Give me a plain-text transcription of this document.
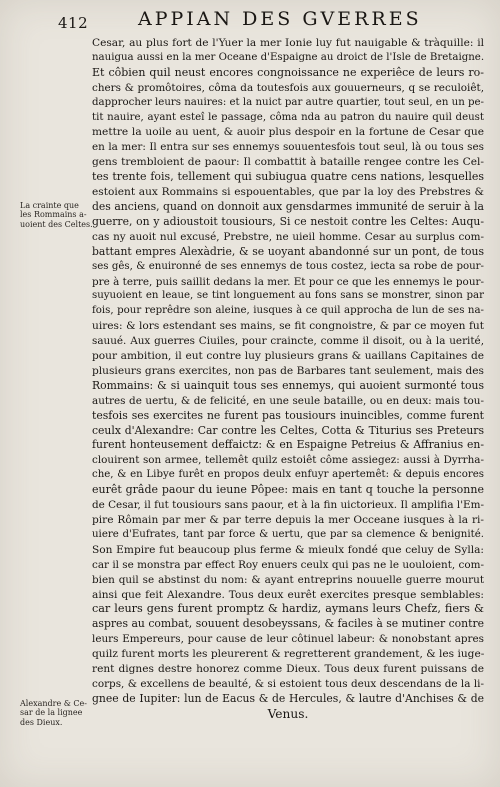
412	APPIAN DES GVERRES
La crainte que
les Rommains a-
uoient des Celtes.
Alexandre & Ce-
sar de la lignee
des Dieux.
Cesar, au plus fort de l'Yuer la mer Ionie luy fut nauigable & tràquille: il
nauigua aussi en la mer Oceane d'Espaigne au droict de l'Isle de Bretaigne.
Et côbien quil neust encores congnoissance ne experiêce de leurs ro-
chers & promôtoires, côma da toutesfois aux gouuerneurs, q se reculoiêt,
dapprocher leurs nauires: et la nuict par autre quartier, tout seul, en un pe-
tit nauire, ayant esteî le passage, côma nda au patron du nauire quil deust
mettre la uoile au uent, & auoir plus despoir en la fortune de Cesar que
en la mer: Il entra sur ses ennemys souuentesfois tout seul, là ou tous ses
gens trembloient de paour: Il combattit à bataille rengee contre les Cel-
tes trente fois, tellement qui subiugua quatre cens nations, lesquelles
estoient aux Rommains si espouentables, que par la loy des Prebstres &
des anciens, quand on donnoit aux gensdarmes immunité de seruir à la
guerre, on y adioustoit tousiours, Si ce nestoit contre les Celtes: Auqu-
cas ny auoit nul excusé, Prebstre, ne uieil homme. Cesar au surplus com-
battant empres Alexàdrie, & se uoyant abandonné sur un pont, de tous
ses gês, & enuironné de ses ennemys de tous costez, iecta sa robe de pour-
pre à terre, puis saillit dedans la mer. Et pour ce que les ennemys le pour-
suyuoient en leaue, se tint longuement au fons sans se monstrer, sinon par
fois, pour reprêdre son aleine, iusques à ce quil approcha de lun de ses na-
uires: & lors estendant ses mains, se fit congnoistre, & par ce moyen fut
sauué. Aux guerres Ciuiles, pour craincte, comme il disoit, ou à la uerité,
pour ambition, il eut contre luy plusieurs grans & uaillans Capitaines de
plusieurs grans exercites, non pas de Barbares tant seulement, mais des
Rommains: & si uainquit tous ses ennemys, qui auoient surmonté tous
autres de uertu, & de felicité, en une seule bataille, ou en deux: mais tou-
tesfois ses exercites ne furent pas tousiours inuincibles, comme furent
ceulx d'Alexandre: Car contre les Celtes, Cotta & Titurius ses Preteurs
furent honteusement deffaictz: & en Espaigne Petreius & Affranius en-
clouirent son armee, tellemêt quilz estoiêt côme assiegez: aussi à Dyrrha-
che, & en Libye furêt en propos deulx enfuyr apertemêt: & depuis encores
eurêt grâde paour du ieune Pôpee: mais en tant q touche la personne
de Cesar, il fut tousiours sans paour, et à la fin uictorieux. Il amplifia l'Em-
pire Rômain par mer & par terre depuis la mer Occeane iusques à la ri-
uiere d'Eufrates, tant par force & uertu, que par sa clemence & benignité.
Son Empire fut beaucoup plus ferme & mieulx fondé que celuy de Sylla:
car il se monstra par effect Roy enuers ceulx qui pas ne le uouloient, com-
bien quil se abstinst du nom: & ayant entreprins nouuelle guerre mourut
ainsi que feit Alexandre. Tous deux eurêt exercites presque semblables:
car leurs gens furent promptz & hardiz, aymans leurs Chefz, fiers &
aspres au combat, souuent desobeyssans, & faciles à se mutiner contre
leurs Empereurs, pour cause de leur côtinuel labeur: & nonobstant apres
quilz furent morts les pleurerent & regretterent grandement, & les iuge-
rent dignes destre honorez comme Dieux. Tous deux furent puissans de
corps, & excellens de beaulté, & si estoient tous deux descendans de la li-
gnee de Iupiter: lun de Eacus & de Hercules, & lautre d'Anchises & de
Venus.
